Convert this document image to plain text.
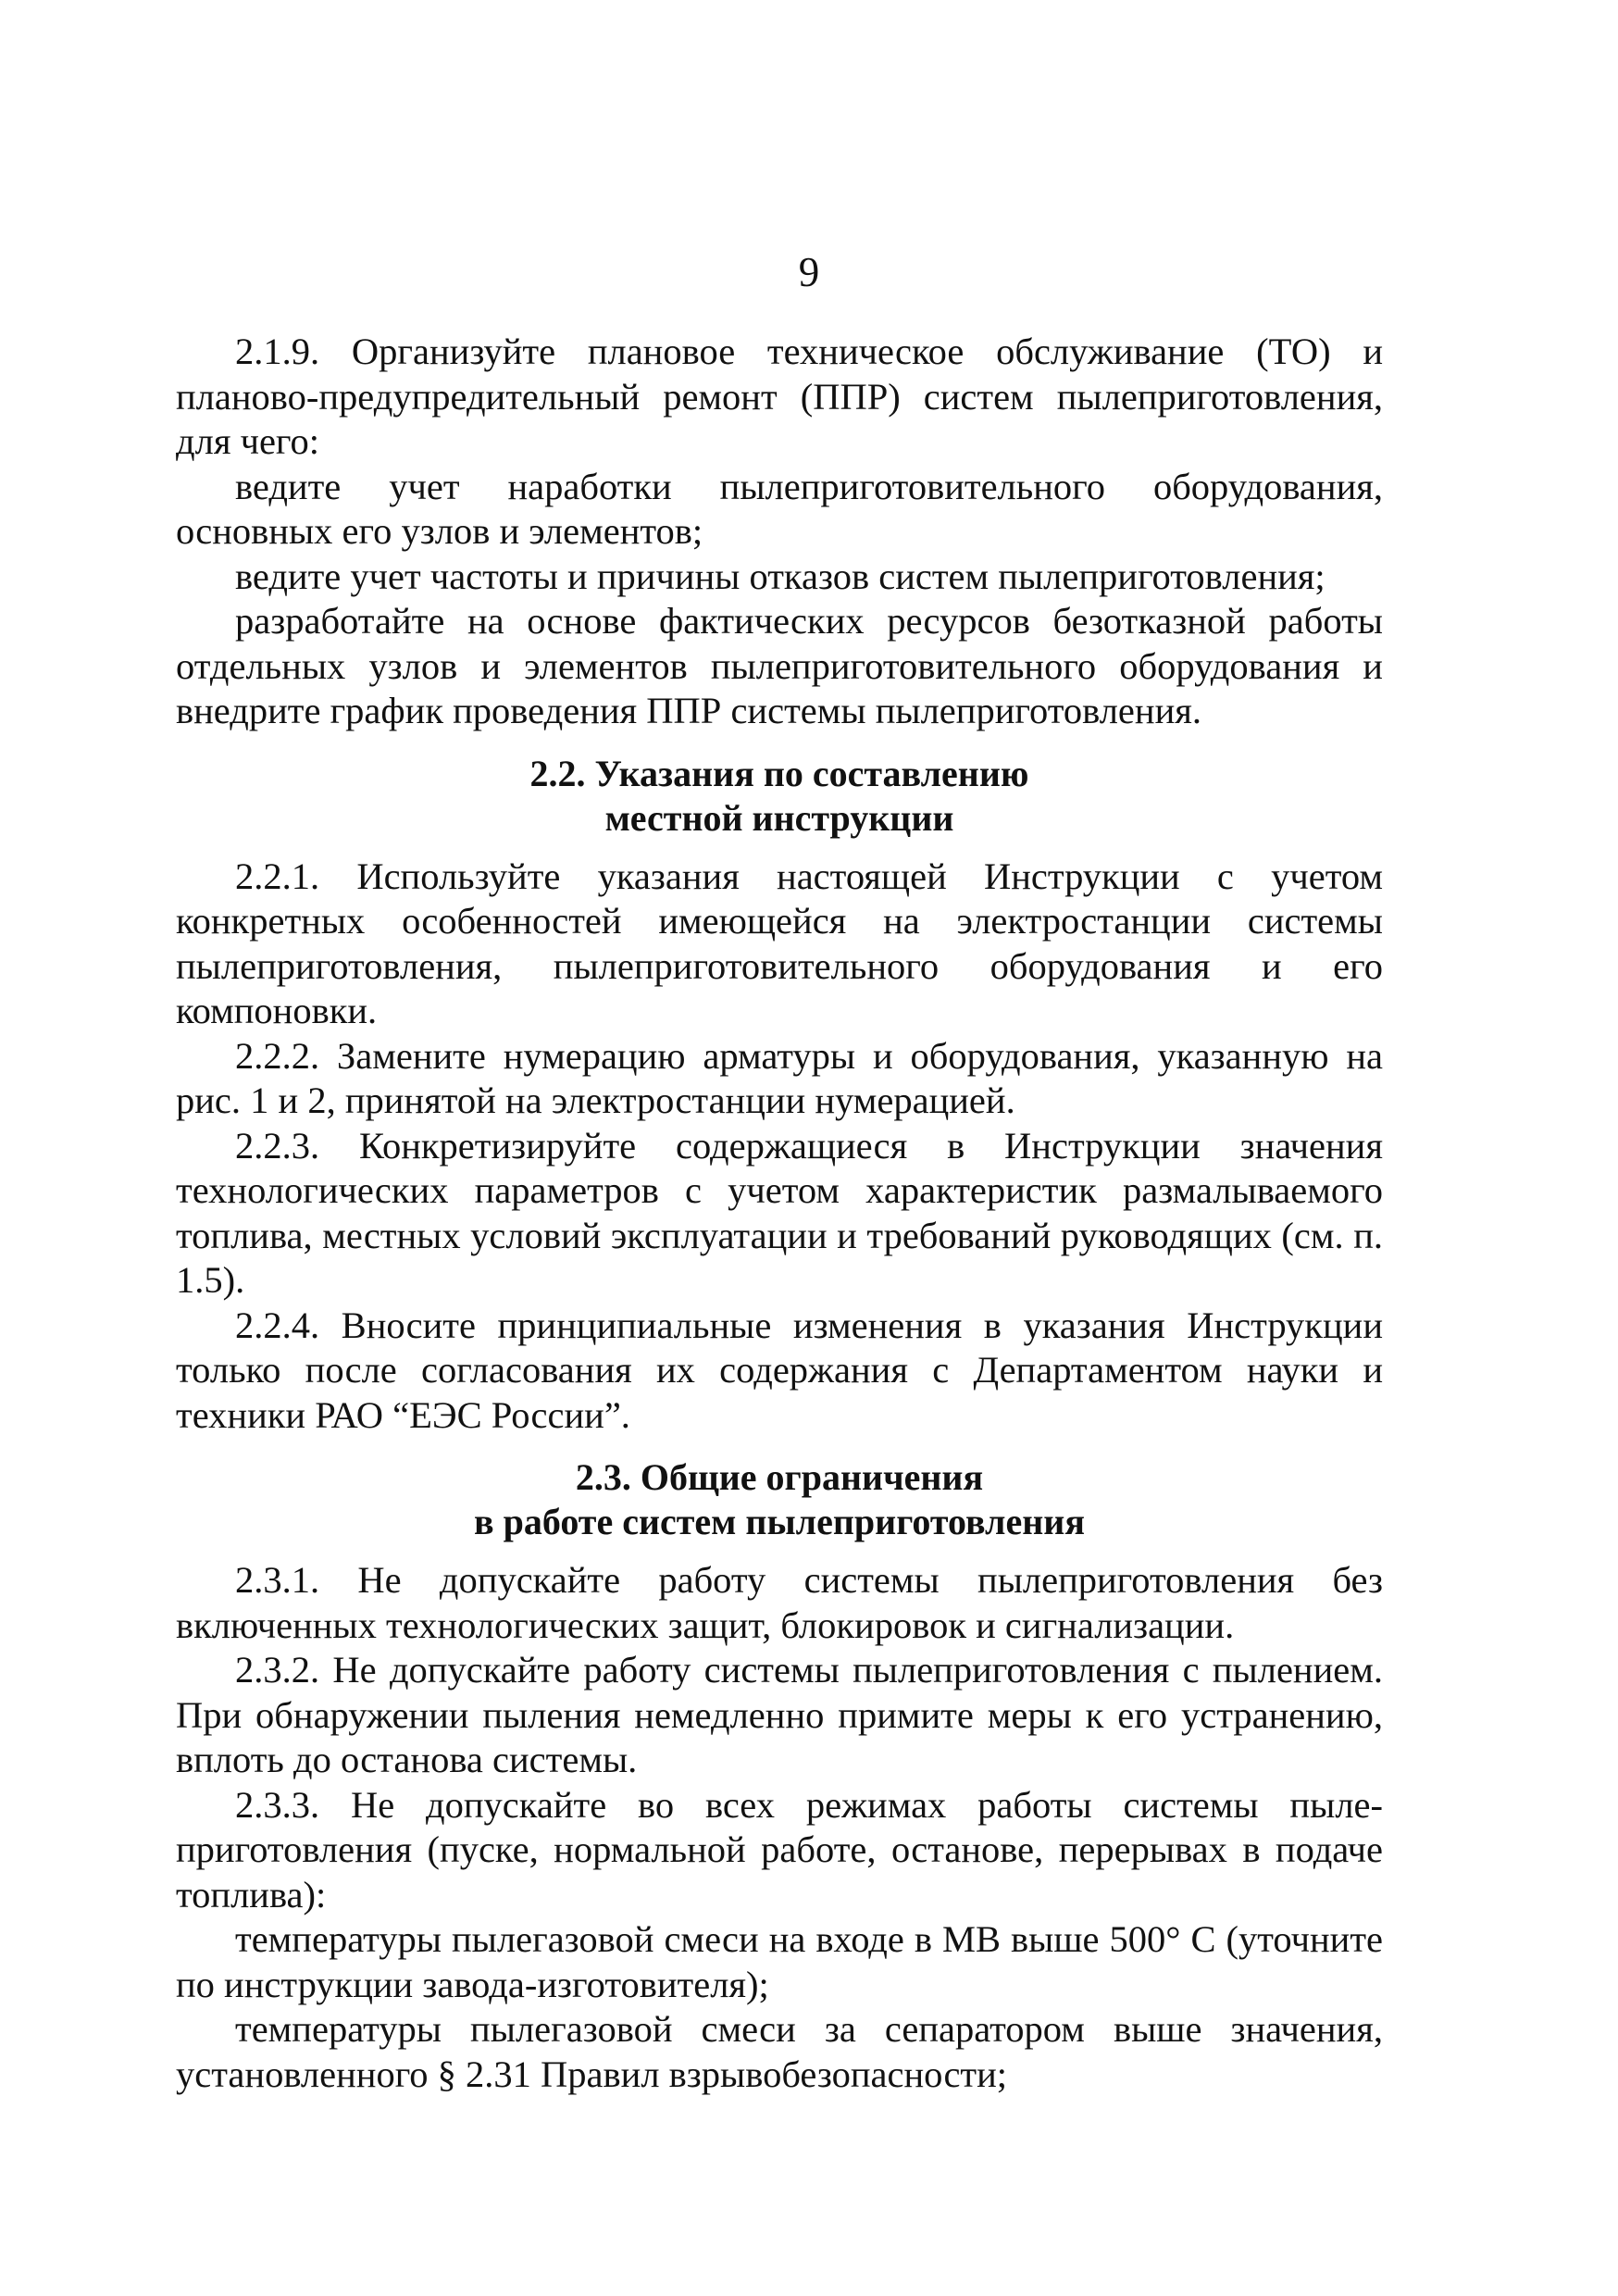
9

2.1.9. Организуйте плановое техническое обслуживание (ТО) и планово-предупредительный ремонт (ППР) систем пылеприготовления, для чего:

ведите учет наработки пылеприготовительного оборудования, основных его узлов и элементов;

ведите учет частоты и причины отказов систем пылеприготовления;

разработайте на основе фактических ресурсов безотказной работы отдельных узлов и элементов пылеприготовительного оборудования и внедрите график проведения ППР системы пылеприготовления.

2.2. Указания по составлению
местной инструкции

2.2.1. Используйте указания настоящей Инструкции с учетом конкретных особенностей имеющейся на электростанции системы пылеприготовления, пылеприготовительного оборудования и его компоновки.

2.2.2. Замените нумерацию арматуры и оборудования, указанную на рис. 1 и 2, принятой на электростанции нумерацией.

2.2.3. Конкретизируйте содержащиеся в Инструкции значения технологических параметров с учетом характеристик размалываемого топлива, местных условий эксплуатации и требований руководящих (см. п. 1.5).

2.2.4. Вносите принципиальные изменения в указания Инструкции только после согласования их содержания с Департаментом науки и техники РАО “ЕЭС России”.

2.3. Общие ограничения
в работе систем пылеприготовления

2.3.1. Не допускайте работу системы пылеприготовления без включенных технологических защит, блокировок и сигнализации.

2.3.2. Не допускайте работу системы пылеприготовления с пылением. При обнаружении пыления немедленно примите меры к его устранению, вплоть до останова системы.

2.3.3. Не допускайте во всех режимах работы системы пылеприготовления (пуске, нормальной работе, останове, перерывах в подаче топлива):

температуры пылегазовой смеси на входе в МВ выше 500° С (уточните по инструкции завода-изготовителя);

температуры пылегазовой смеси за сепаратором выше значения, установленного § 2.31 Правил взрывобезопасности;
